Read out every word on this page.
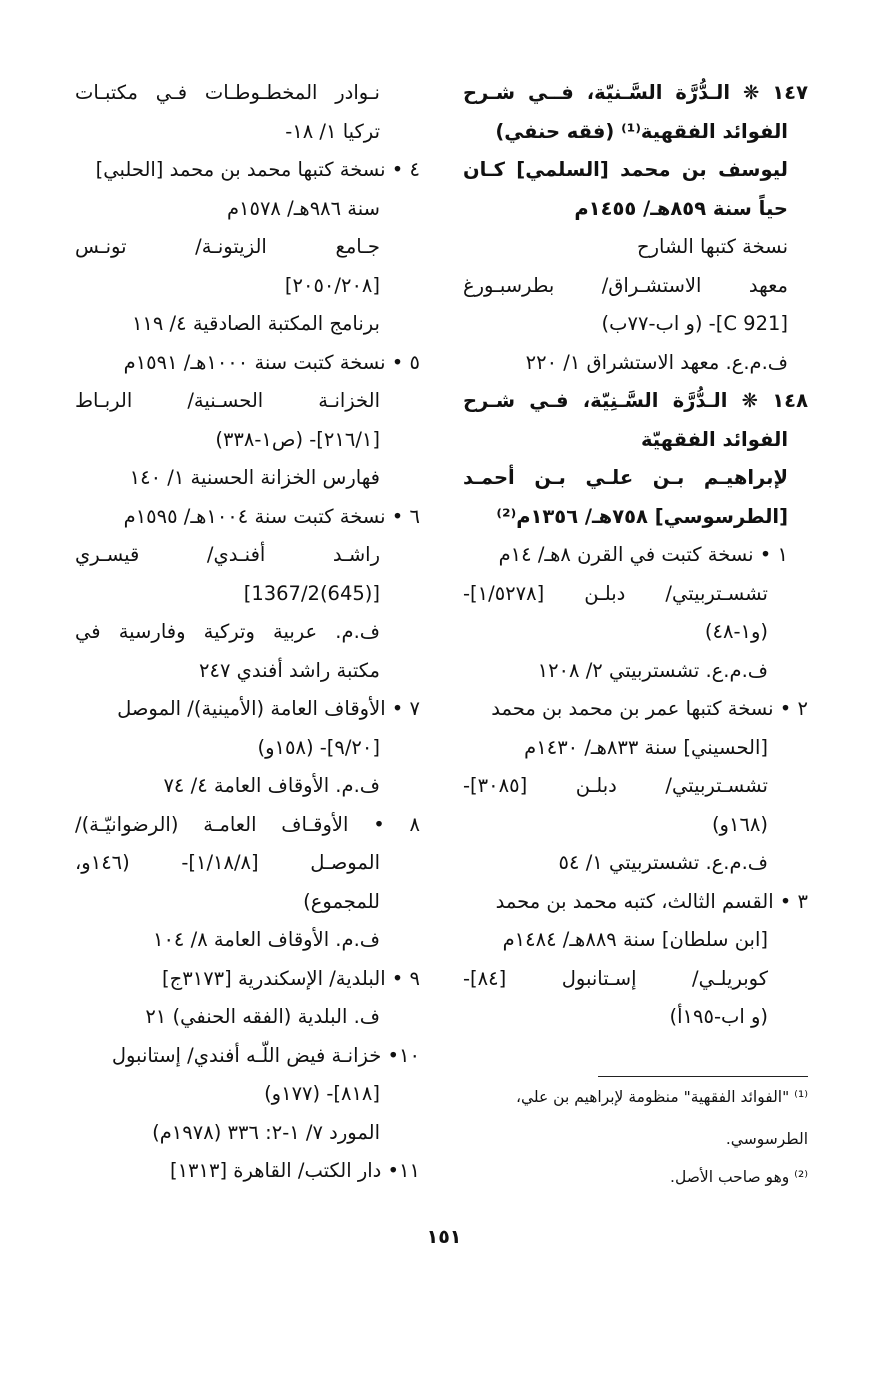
١٤٧ ❋ الـدُّرَّة السَّـنيّة، فــي شـرح
الفوائد الفقهية⁽¹⁾ (فقه حنفي)
ليوسف بن محمد [السلمي] كـان
حياً سنة ٨٥٩هـ/ ١٤٥٥م
نسخة كتبها الشارح
معهد الاستشـراق/ بطرسبـورغ
[C 921]- (و اب-٧٧ب)
ف.م.ع. معهد الاستشراق ١/ ٢٢٠
١٤٨ ❋ الـدُّرَّة السَّـنِيّة، فـي شـرح
الفوائد الفقهيّة
لإبراهيـم بـن علـي بـن أحمـد
[الطرسوسي] ٧٥٨هـ/ ١٣٥٦م⁽²⁾
١ • نسخة كتبت في القرن ٨هـ/ ١٤م
تشسـتربيتي/ دبلـن [١/٥٢٧٨]-
(و١-٤٨)
ف.م.ع. تشستربيتي ٢/ ١٢٠٨
٢ • نسخة كتبها عمر بن محمد بن محمد
[الحسيني] سنة ٨٣٣هـ/ ١٤٣٠م
تشسـتربيتي/ دبلـن [٣٠٨٥]-
(١٦٨و)
ف.م.ع. تشستربيتي ١/ ٥٤
٣ • القسم الثالث، كتبه محمد بن محمد
[ابن سلطان] سنة ٨٨٩هـ/ ١٤٨٤م
كوبريلـي/ إسـتانبول [٨٤]-
(و اب-١٩٥أ)
نـوادر المخطـوطـات فـي مكتبـات
تركيا ١/ ١٨-
٤ • نسخة كتبها محمد بن محمد [الحلبي]
سنة ٩٨٦هـ/ ١٥٧٨م
جـامع الزيتونـة/ تونـس
[٢٠٥٠/٢٠٨]
برنامج المكتبة الصادقية ٤/ ١١٩
٥ • نسخة كتبت سنة ١٠٠٠هـ/ ١٥٩١م
الخزانـة الحسـنية/ الربـاط
[٢١٦/١]- (ص١-٣٣٨)
فهارس الخزانة الحسنية ١/ ١٤٠
٦ • نسخة كتبت سنة ١٠٠٤هـ/ ١٥٩٥م
راشـد أفنـدي/ قيسـري
[(645)1367/2]
ف.م. عربية وتركية وفارسية في
مكتبة راشد أفندي ٢٤٧
٧ • الأوقاف العامة (الأمينية)/ الموصل
[٩/٢٠]- (١٥٨و)
ف.م. الأوقاف العامة ٤/ ٧٤
٨ • الأوقـاف العامـة (الرضوانيّـة)/
الموصـل [١/١٨/٨]- (١٤٦و،
للمجموع)
ف.م. الأوقاف العامة ٨/ ١٠٤
٩ • البلدية/ الإسكندرية [٣١٧٣ج]
ف. البلدية (الفقه الحنفي) ٢١
١٠• خزانـة فيض اللّـه أفندي/ إستانبول
[٨١٨]- (١٧٧و)
المورد ٧/ ١-٢: ٣٣٦ (١٩٧٨م)
١١• دار الكتب/ القاهرة [١٣١٣]
⁽¹⁾ "الفوائد الفقهية" منظومة لإبراهيم بن علي،
الطرسوسي.
⁽²⁾ وهو صاحب الأصل.
١٥١
